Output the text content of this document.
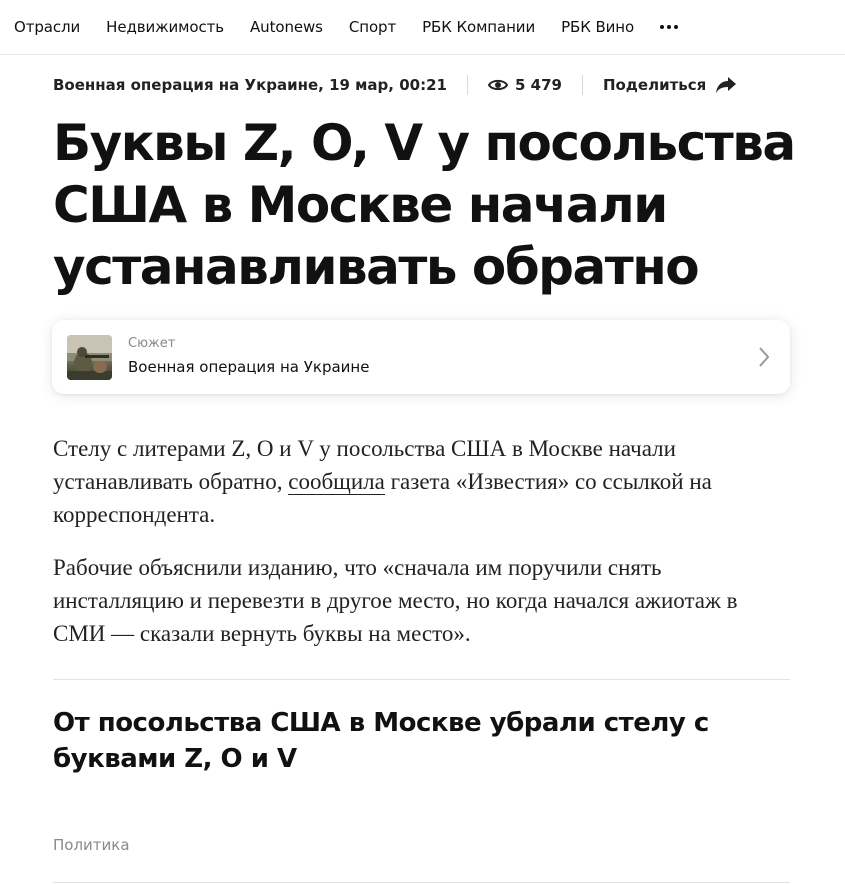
Отрасли Недвижимость Autonews Спорт РБК Компании РБК Вино
Военная операция на Украине, 19 мар, 00:21	5 479	Поделиться
Буквы Z, O, V у посольства США в Москве начали устанавливать обратно
Сюжет
Военная операция на Украине

Стелу с литерами Z, O и V у посольства США в Москве начали устанавливать обратно, сообщила газета «Известия» со ссылкой на корреспондента.

Рабочие объяснили изданию, что «сначала им поручили снять инсталляцию и перевезти в другое место, но когда начался ажиотаж в СМИ — сказали вернуть буквы на место».

От посольства США в Москве убрали стелу с буквами Z, O и V
Политика
